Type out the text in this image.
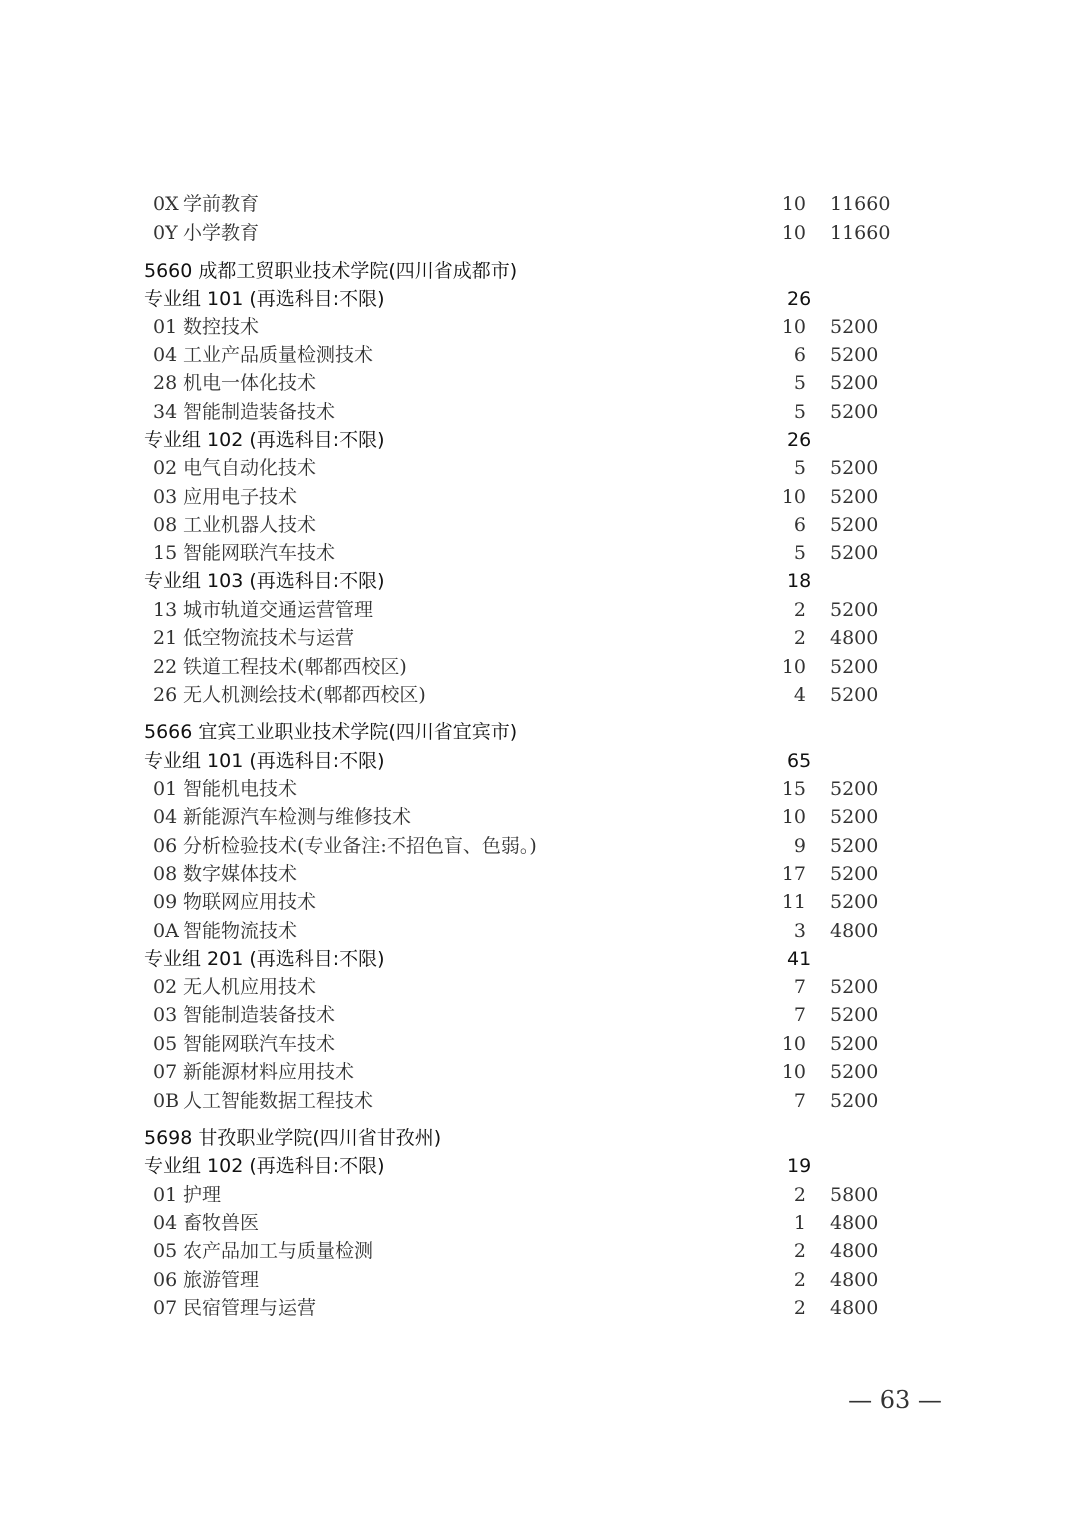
0X 学前教育	10 11660
0Y 小学教育	10 11660
5660 成都工贸职业技术学院(四川省成都市)
专业组 101 (再选科目:不限)	26
01 数控技术	10 5200
04 工业产品质量检测技术	6 5200
28 机电一体化技术	5 5200
34 智能制造装备技术	5 5200
专业组 102 (再选科目:不限)	26
02 电气自动化技术	5 5200
03 应用电子技术	10 5200
08 工业机器人技术	6 5200
15 智能网联汽车技术	5 5200
专业组 103 (再选科目:不限)	18
13 城市轨道交通运营管理	2 5200
21 低空物流技术与运营	2 4800
22 铁道工程技术(郫都西校区)	10 5200
26 无人机测绘技术(郫都西校区)	4 5200
5666 宜宾工业职业技术学院(四川省宜宾市)
专业组 101 (再选科目:不限)	65
01 智能机电技术	15 5200
04 新能源汽车检测与维修技术	10 5200
06 分析检验技术(专业备注:不招色盲、色弱。)	9 5200
08 数字媒体技术	17 5200
09 物联网应用技术	11 5200
0A 智能物流技术	3 4800
专业组 201 (再选科目:不限)	41
02 无人机应用技术	7 5200
03 智能制造装备技术	7 5200
05 智能网联汽车技术	10 5200
07 新能源材料应用技术	10 5200
0B 人工智能数据工程技术	7 5200
5698 甘孜职业学院(四川省甘孜州)
专业组 102 (再选科目:不限)	19
01 护理	2 5800
04 畜牧兽医	1 4800
05 农产品加工与质量检测	2 4800
06 旅游管理	2 4800
07 民宿管理与运营	2 4800
— 63 —
